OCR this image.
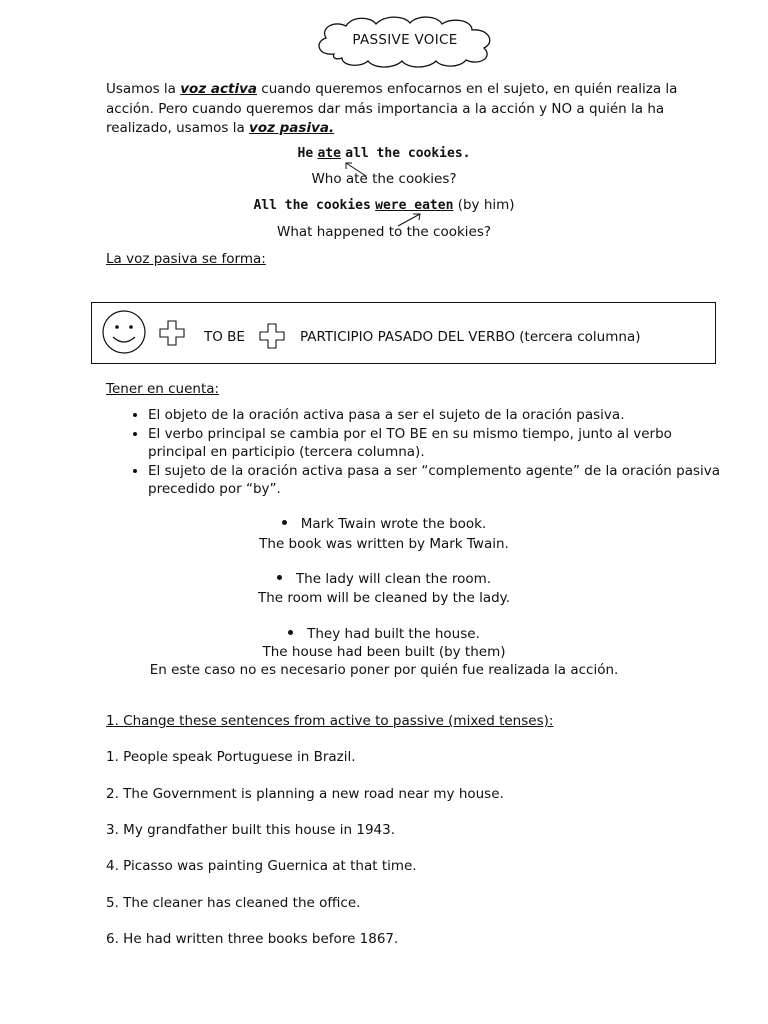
PASSIVE VOICE
Usamos la voz activa cuando queremos enfocarnos en el sujeto, en quién realiza la acción. Pero cuando queremos dar más importancia a la acción y NO a quién la ha realizado, usamos la voz pasiva.
He ate all the cookies.
Who ate the cookies?
All the cookies were eaten (by him)
What happened to the cookies?
La voz pasiva se forma:
TO BE	PARTICIPIO PASADO DEL VERBO (tercera columna)
Tener en cuenta:
• El objeto de la oración activa pasa a ser el sujeto de la oración pasiva.
• El verbo principal se cambia por el TO BE en su mismo tiempo, junto al verbo principal en participio (tercera columna).
• El sujeto de la oración activa pasa a ser “complemento agente” de la oración pasiva precedido por “by”.
Mark Twain wrote the book.
The book was written by Mark Twain.
The lady will clean the room.
The room will be cleaned by the lady.
They had built the house.
The house had been built (by them)
En este caso no es necesario poner por quién fue realizada la acción.
1. Change these sentences from active to passive (mixed tenses):
1. People speak Portuguese in Brazil.
2. The Government is planning a new road near my house.
3. My grandfather built this house in 1943.
4. Picasso was painting Guernica at that time.
5. The cleaner has cleaned the office.
6. He had written three books before 1867.
